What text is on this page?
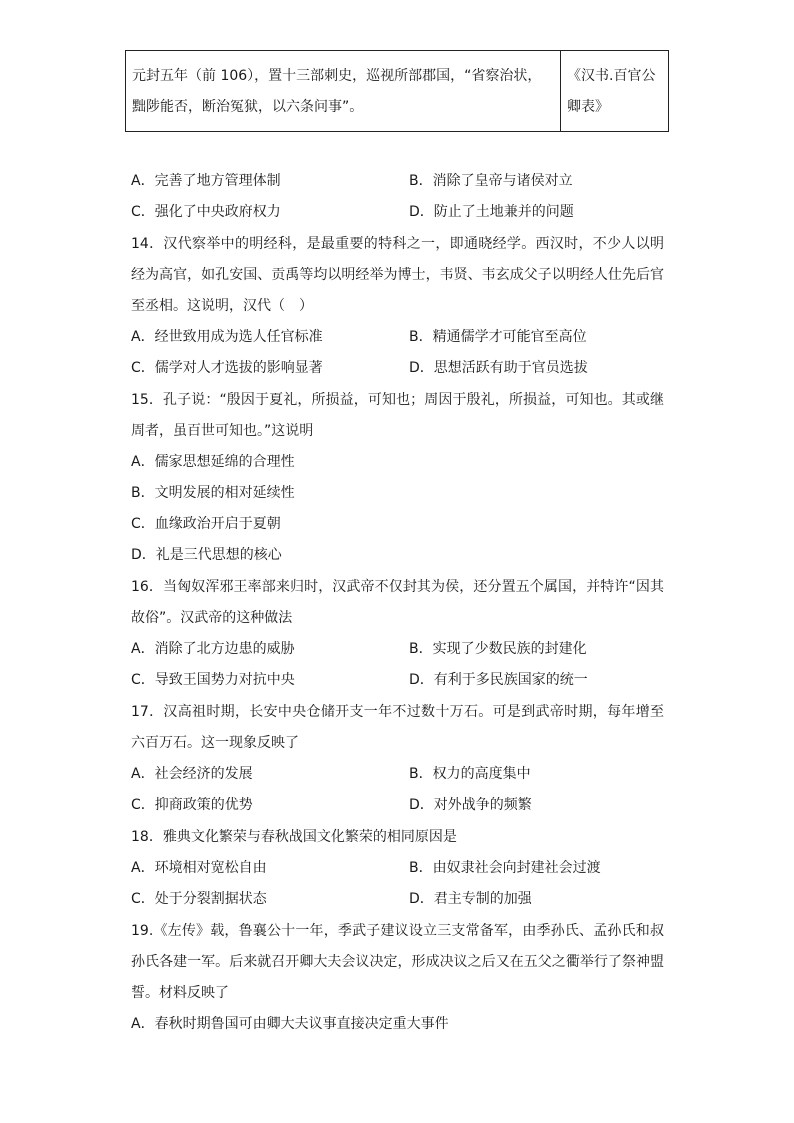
元封五年（前 106），置十三部刺史，巡视所部郡国，“省察治状，黜陟能否，断治冤狱，以六条问事”。	《汉书.百官公卿表》
A．完善了地方管理体制	B．消除了皇帝与诸侯对立
C．强化了中央政府权力	D．防止了土地兼并的问题
14．汉代察举中的明经科，是最重要的特科之一，即通晓经学。西汉时，不少人以明经为高官，如孔安国、贡禹等均以明经举为博士，韦贤、韦玄成父子以明经人仕先后官至丞相。这说明，汉代（　）
A．经世致用成为选人任官标准	B．精通儒学才可能官至高位
C．儒学对人才选拔的影响显著	D．思想活跃有助于官员选拔
15．孔子说：“殷因于夏礼，所损益，可知也；周因于殷礼，所损益，可知也。其或继周者，虽百世可知也。”这说明
A．儒家思想延绵的合理性
B．文明发展的相对延续性
C．血缘政治开启于夏朝
D．礼是三代思想的核心
16．当匈奴浑邪王率部来归时，汉武帝不仅封其为侯，还分置五个属国，并特许“因其故俗”。汉武帝的这种做法
A．消除了北方边患的威胁	B．实现了少数民族的封建化
C．导致王国势力对抗中央	D．有利于多民族国家的统一
17．汉高祖时期，长安中央仓储开支一年不过数十万石。可是到武帝时期，每年增至六百万石。这一现象反映了
A．社会经济的发展	B．权力的高度集中
C．抑商政策的优势	D．对外战争的频繁
18．雅典文化繁荣与春秋战国文化繁荣的相同原因是
A．环境相对宽松自由	B．由奴隶社会向封建社会过渡
C．处于分裂割据状态	D．君主专制的加强
19.《左传》载，鲁襄公十一年，季武子建议设立三支常备军，由季孙氏、孟孙氏和叔孙氏各建一军。后来就召开卿大夫会议决定，形成决议之后又在五父之衢举行了祭神盟誓。材料反映了
A．春秋时期鲁国可由卿大夫议事直接决定重大事件
